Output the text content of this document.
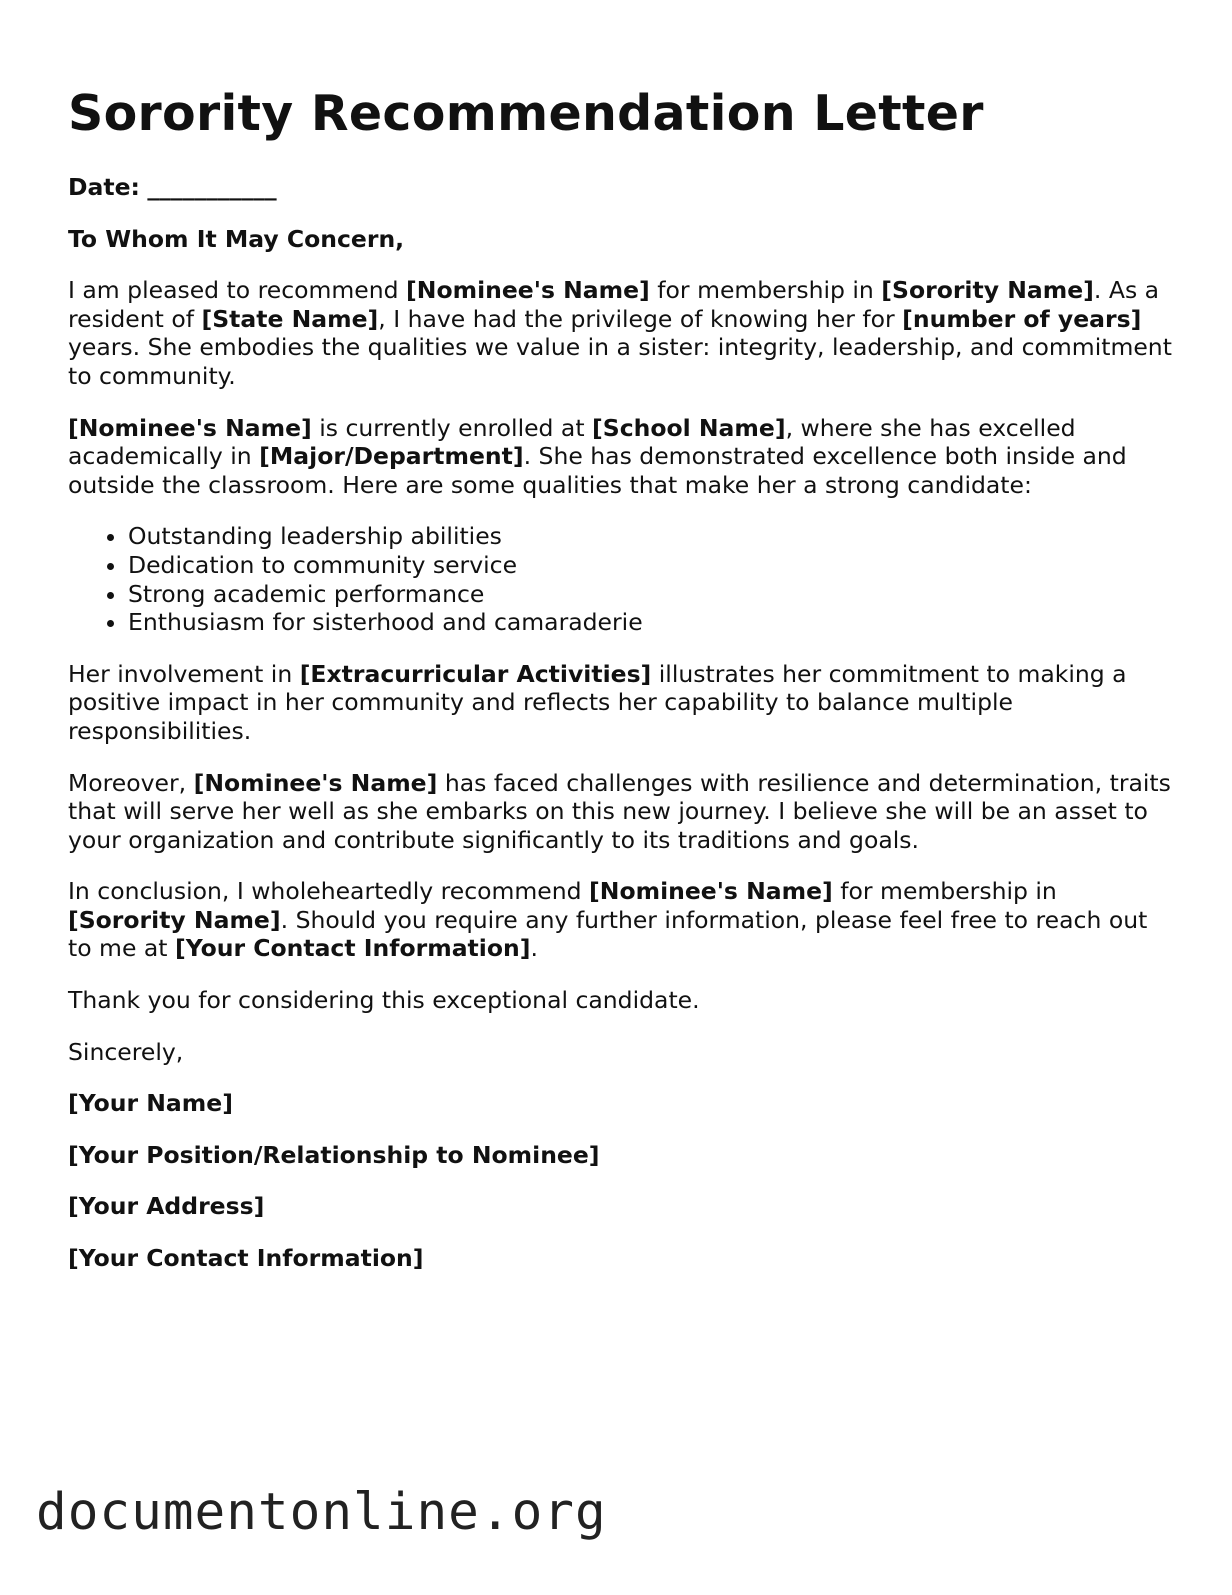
Sorority Recommendation Letter

Date: ___________

To Whom It May Concern,

I am pleased to recommend [Nominee's Name] for membership in [Sorority Name]. As a resident of [State Name], I have had the privilege of knowing her for [number of years] years. She embodies the qualities we value in a sister: integrity, leadership, and commitment to community.

[Nominee's Name] is currently enrolled at [School Name], where she has excelled academically in [Major/Department]. She has demonstrated excellence both inside and outside the classroom. Here are some qualities that make her a strong candidate:

• Outstanding leadership abilities
• Dedication to community service
• Strong academic performance
• Enthusiasm for sisterhood and camaraderie

Her involvement in [Extracurricular Activities] illustrates her commitment to making a positive impact in her community and reflects her capability to balance multiple responsibilities.

Moreover, [Nominee's Name] has faced challenges with resilience and determination, traits that will serve her well as she embarks on this new journey. I believe she will be an asset to your organization and contribute significantly to its traditions and goals.

In conclusion, I wholeheartedly recommend [Nominee's Name] for membership in [Sorority Name]. Should you require any further information, please feel free to reach out to me at [Your Contact Information].

Thank you for considering this exceptional candidate.

Sincerely,

[Your Name]

[Your Position/Relationship to Nominee]

[Your Address]

[Your Contact Information]

documentonline.org
